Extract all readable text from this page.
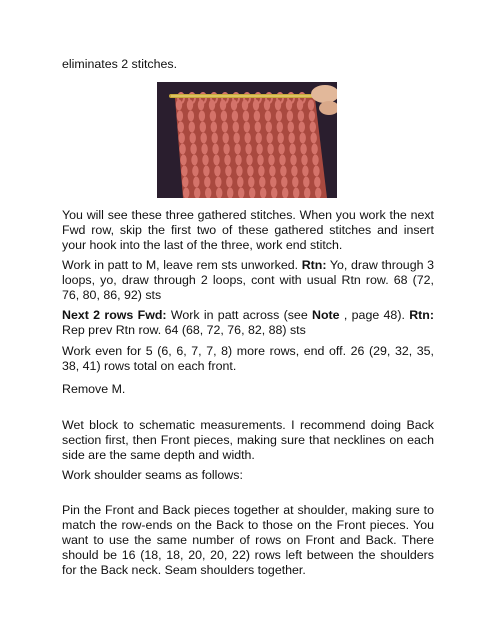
eliminates 2 stitches.

You will see these three gathered stitches. When you work the next Fwd row, skip the first two of these gathered stitches and insert your hook into the last of the three, work end stitch.

Work in patt to M, leave rem sts unworked. Rtn: Yo, draw through 3 loops, yo, draw through 2 loops, cont with usual Rtn row. 68 (72, 76, 80, 86, 92) sts

Next 2 rows Fwd: Work in patt across (see Note , page 48). Rtn: Rep prev Rtn row. 64 (68, 72, 76, 82, 88) sts

Work even for 5 (6, 6, 7, 7, 8) more rows, end off. 26 (29, 32, 35, 38, 41) rows total on each front.

Remove M.

Wet block to schematic measurements. I recommend doing Back section first, then Front pieces, making sure that necklines on each side are the same depth and width.

Work shoulder seams as follows:

Pin the Front and Back pieces together at shoulder, making sure to match the row-ends on the Back to those on the Front pieces. You want to use the same number of rows on Front and Back. There should be 16 (18, 18, 20, 20, 22) rows left between the shoulders for the Back neck. Seam shoulders together.
